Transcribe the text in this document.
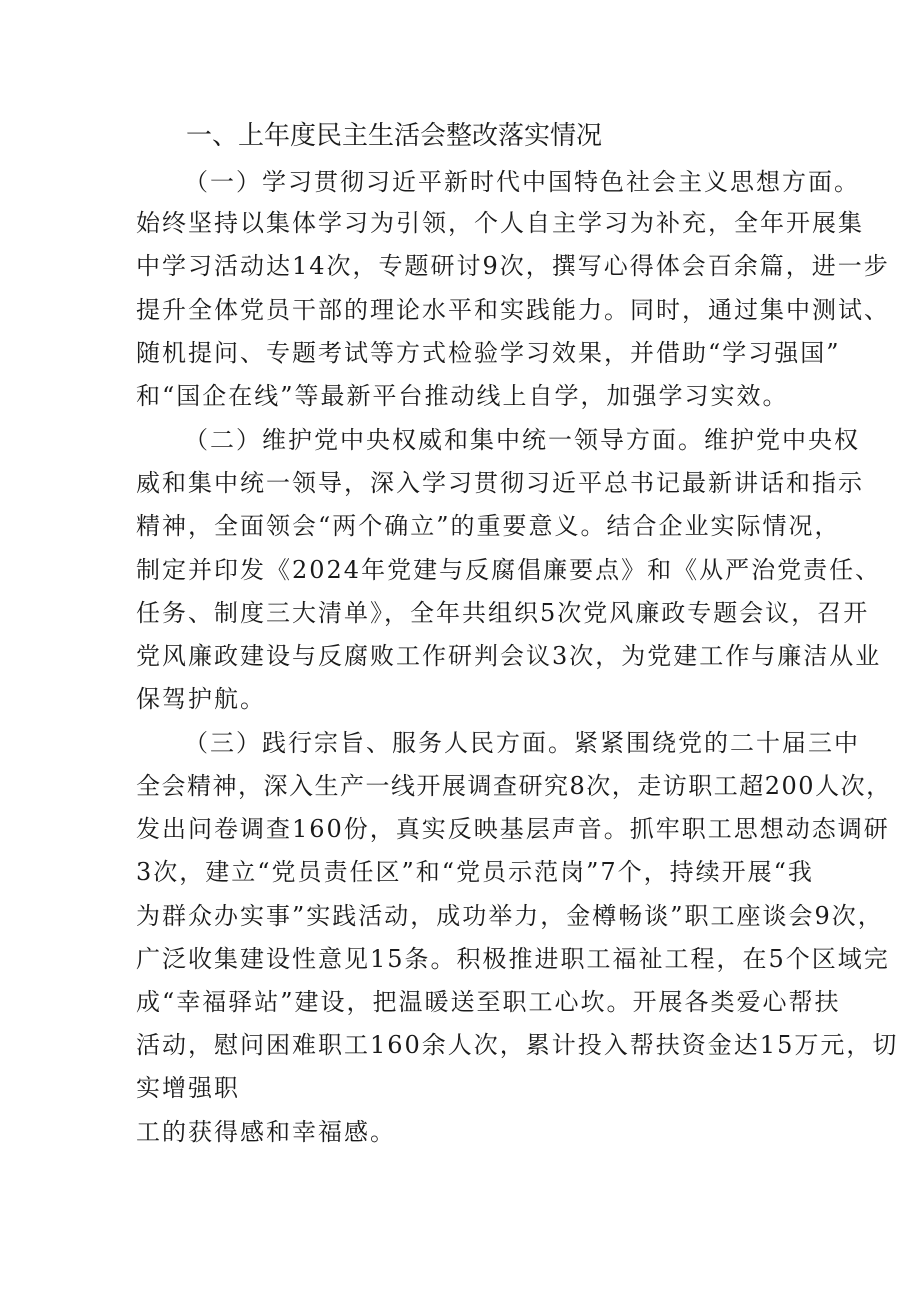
一、上年度民主生活会整改落实情况
（一）学习贯彻习近平新时代中国特色社会主义思想方面。
始终坚持以集体学习为引领，个人自主学习为补充，全年开展集
中学习活动达14次，专题研讨9次，撰写心得体会百余篇，进一步
提升全体党员干部的理论水平和实践能力。同时，通过集中测试、
随机提问、专题考试等方式检验学习效果，并借助“学习强国”
和“国企在线”等最新平台推动线上自学，加强学习实效。
（二）维护党中央权威和集中统一领导方面。维护党中央权
威和集中统一领导，深入学习贯彻习近平总书记最新讲话和指示
精神，全面领会“两个确立”的重要意义。结合企业实际情况，
制定并印发《2024年党建与反腐倡廉要点》和《从严治党责任、
任务、制度三大清单》，全年共组织5次党风廉政专题会议，召开
党风廉政建设与反腐败工作研判会议3次，为党建工作与廉洁从业
保驾护航。
（三）践行宗旨、服务人民方面。紧紧围绕党的二十届三中
全会精神，深入生产一线开展调查研究8次，走访职工超200人次，
发出问卷调查160份，真实反映基层声音。抓牢职工思想动态调研
3次，建立“党员责任区”和“党员示范岗”7个，持续开展“我
为群众办实事”实践活动，成功举力，金樽畅谈”职工座谈会9次，
广泛收集建设性意见15条。积极推进职工福祉工程，在5个区域完
成“幸福驿站”建设，把温暖送至职工心坎。开展各类爱心帮扶
活动，慰问困难职工160余人次，累计投入帮扶资金达15万元，切
实增强职
工的获得感和幸福感。
